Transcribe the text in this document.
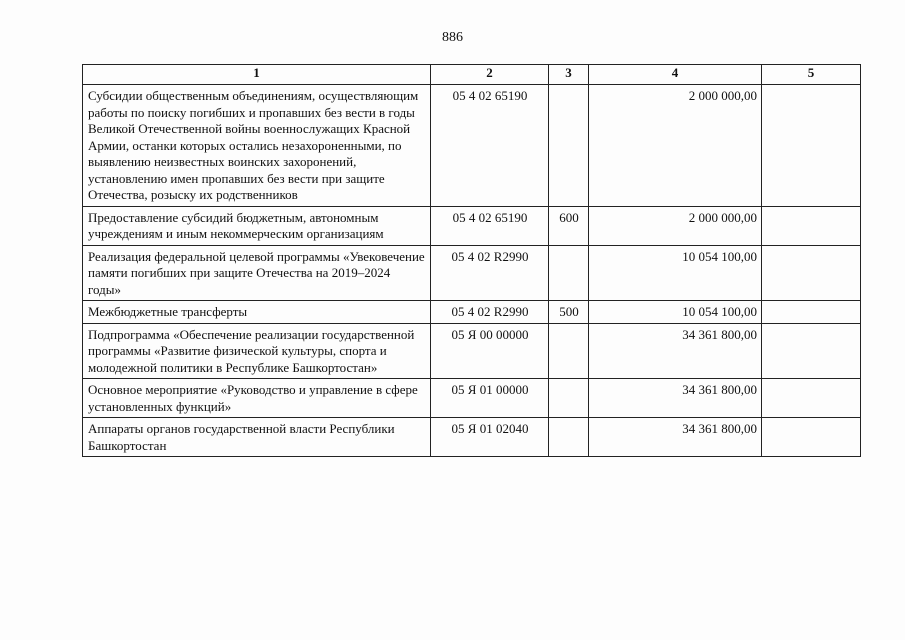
886
1	2	3	4	5
Субсидии общественным объединениям, осуществляющим работы по поиску погибших и пропавших без вести в годы Великой Отечественной войны военнослужащих Красной Армии, останки которых остались незахороненными, по выявлению неизвестных воинских захоронений, установлению имен пропавших без вести при защите Отечества, розыску их родственников	05 4 02 65190		2 000 000,00	
Предоставление субсидий бюджетным, автономным учреждениям и иным некоммерческим организациям	05 4 02 65190	600	2 000 000,00	
Реализация федеральной целевой программы «Увековечение памяти погибших при защите Отечества на 2019–2024 годы»	05 4 02 R2990		10 054 100,00	
Межбюджетные трансферты	05 4 02 R2990	500	10 054 100,00	
Подпрограмма «Обеспечение реализации государственной программы «Развитие физической культуры, спорта и молодежной политики в Республике Башкортостан»	05 Я 00 00000		34 361 800,00	
Основное мероприятие «Руководство и управление в сфере установленных функций»	05 Я 01 00000		34 361 800,00	
Аппараты органов государственной власти Республики Башкортостан	05 Я 01 02040		34 361 800,00	
